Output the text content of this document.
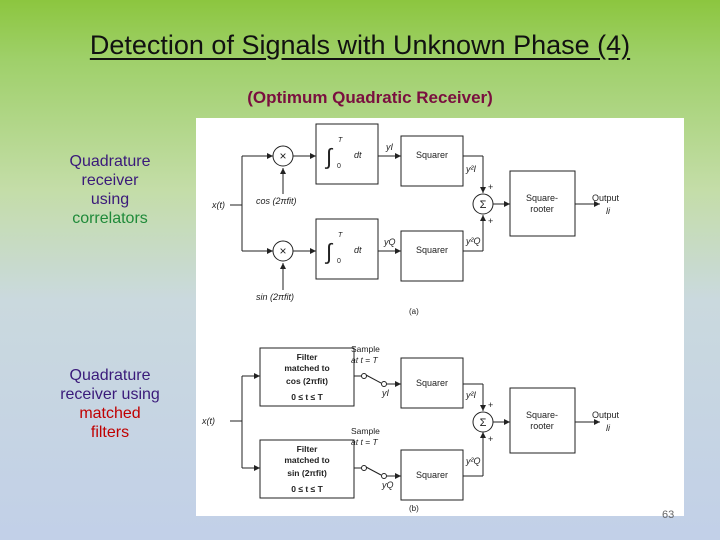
Detection of Signals with Unknown Phase (4)
(Optimum Quadratic Receiver)
Quadrature
receiver
using
correlators
Quadrature
receiver using
matched
filters
×
×
∫
T
0
dt
∫
T
0
dt
yI
yQ
Squarer
Squarer
y²I
y²Q
x(t)	cos (2πfit)
sin (2πfit)
+
+
Σ
Square-
rooter
Output
li
(a)
Filter
matched to
cos (2πfit)
0 ≤ t ≤ T
Filter
matched to
sin (2πfit)
0 ≤ t ≤ T
Sample
at t = T
Sample
at t = T
yI
yQ
Squarer
Squarer
y²I
y²Q
x(t)
+
+
Σ
Square-
rooter
Output
li
(b)
63
